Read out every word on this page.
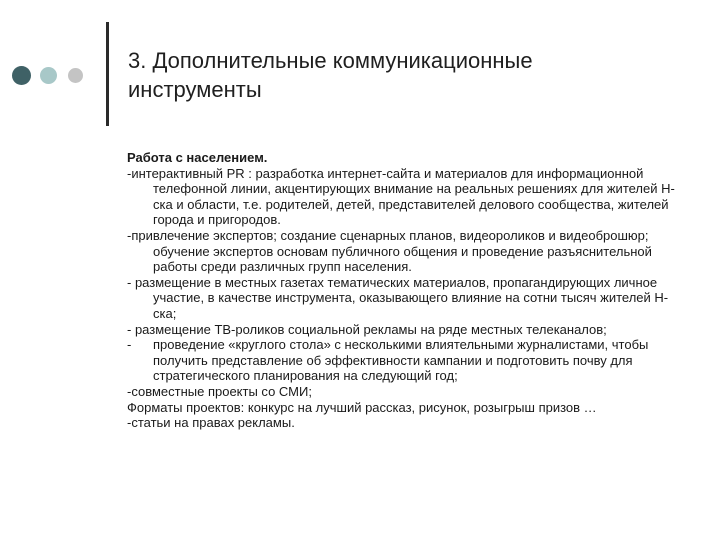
3. Дополнительные коммуникационные
инструменты
Работа с населением.

-интерактивный PR : разработка интернет-сайта и материалов для информационной телефонной линии, акцентирующих внимание на реальных решениях для жителей Н-ска и области, т.е. родителей, детей, представителей делового сообщества, жителей города и пригородов.

-привлечение экспертов; создание сценарных планов, видеороликов и видеоброшюр; обучение экспертов основам публичного общения и проведение разъяснительной работы среди различных групп населения.

- размещение в местных газетах тематических материалов, пропагандирующих личное участие, в качестве инструмента, оказывающего влияние на сотни тысяч жителей Н-ска;

- размещение ТВ-роликов социальной рекламы на ряде местных телеканалов;

-	проведение «круглого стола» с несколькими влиятельными журналистами, чтобы получить представление об эффективности кампании и подготовить почву для стратегического планирования на следующий год;

-совместные проекты со СМИ;

Форматы проектов: конкурс на лучший рассказ, рисунок, розыгрыш призов …

-статьи на правах рекламы.
